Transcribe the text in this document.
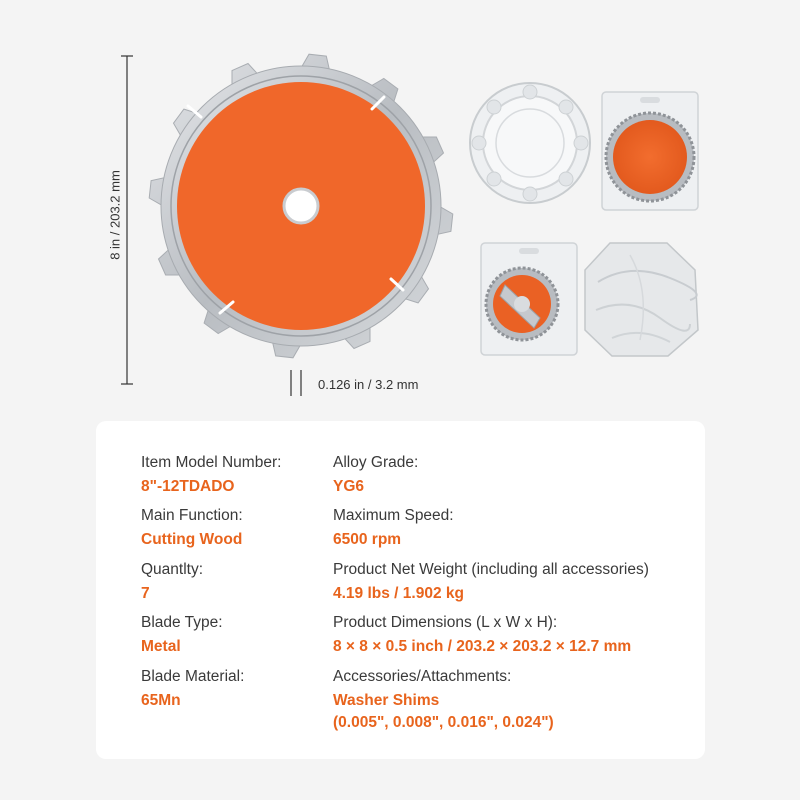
8 in / 203.2 mm
0.126 in / 3.2 mm
Item Model Number:
8"-12TDADO
Main Function:
Cutting Wood
Quantlty:
7
Blade Type:
Metal
Blade Material:
65Mn
Alloy Grade:
YG6
Maximum Speed:
6500 rpm
Product Net Weight (including all accessories)
4.19 lbs / 1.902 kg
Product Dimensions (L x W x H):
8 × 8 × 0.5 inch / 203.2 × 203.2 × 12.7 mm
Accessories/Attachments:
Washer Shims
(0.005", 0.008", 0.016", 0.024")
